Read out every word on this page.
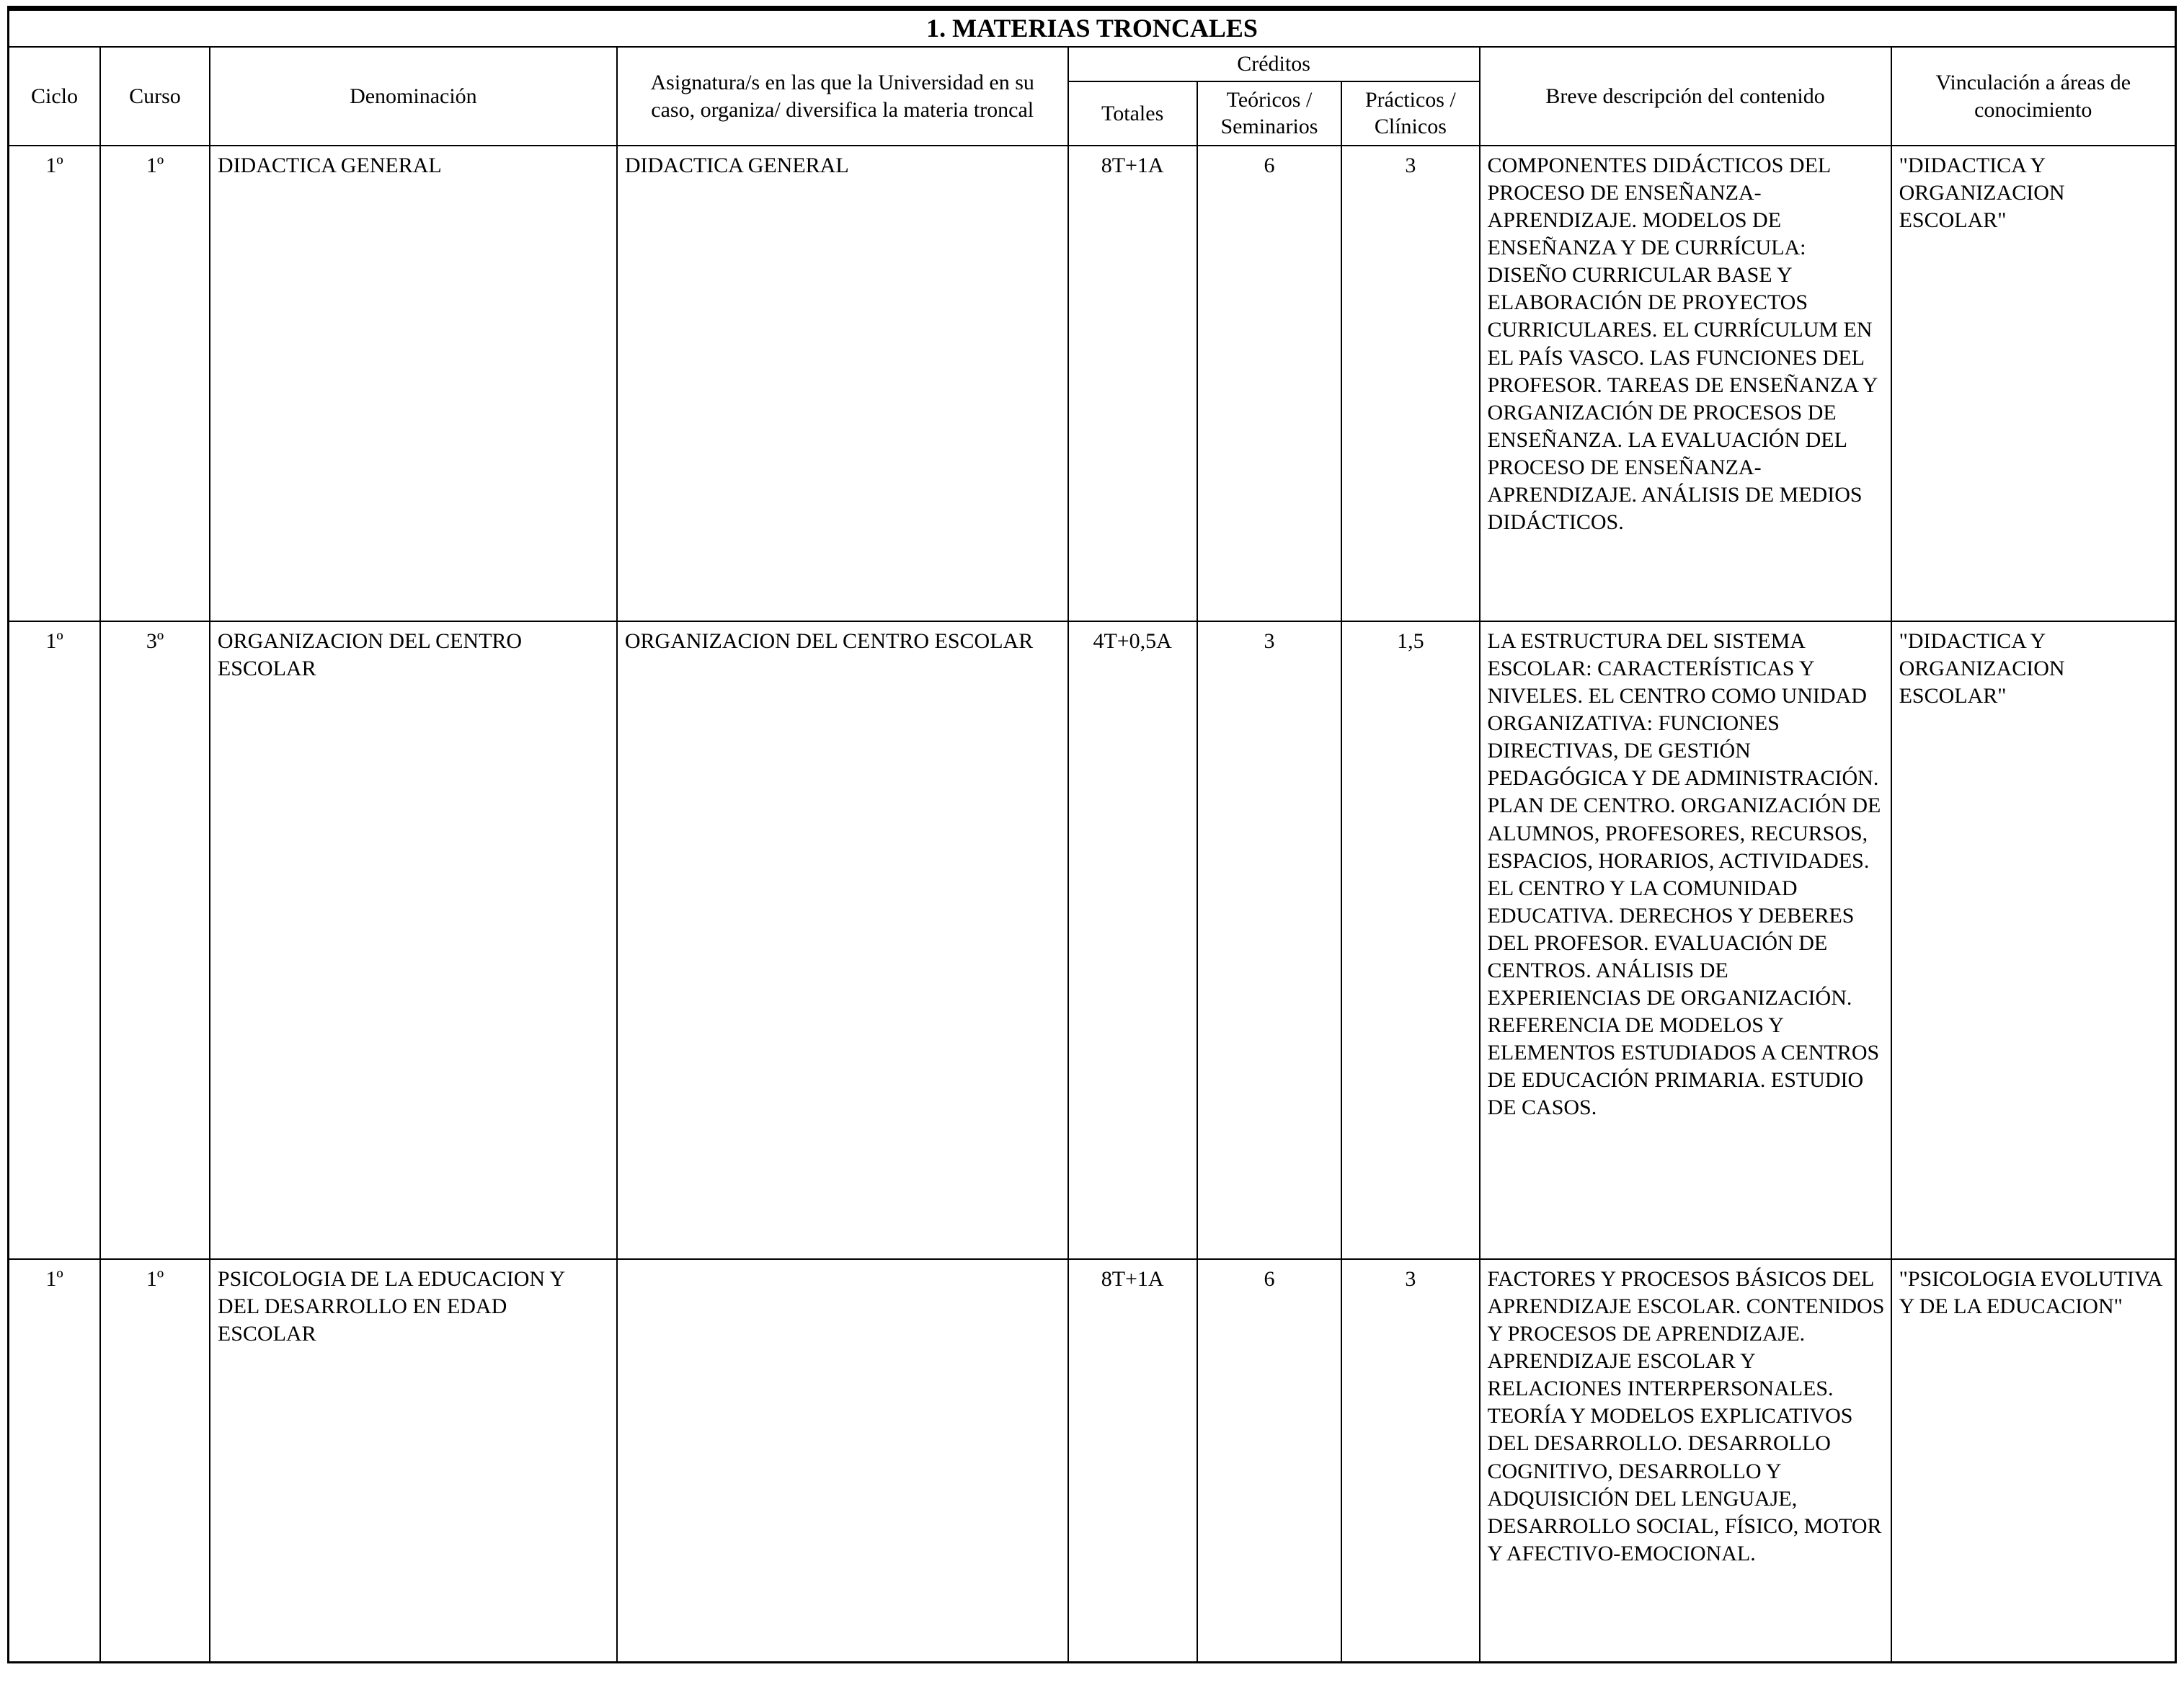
1. MATERIAS TRONCALES								
Ciclo	Curso	Denominación	Asignatura/s en las que la Universidad en su caso, organiza/ diversifica la materia troncal	Créditos			Breve descripción del contenido	Vinculación a áreas de conocimiento
				Totales	Teóricos / Seminarios	Prácticos / Clínicos		
1º	1º	DIDACTICA GENERAL	DIDACTICA GENERAL	8T+1A	6	3	COMPONENTES DIDÁCTICOS DEL PROCESO DE ENSEÑANZA-APRENDIZAJE. MODELOS DE ENSEÑANZA Y DE CURRÍCULA: DISEÑO CURRICULAR BASE Y ELABORACIÓN DE PROYECTOS CURRICULARES. EL CURRÍCULUM EN EL PAÍS VASCO. LAS FUNCIONES DEL PROFESOR. TAREAS DE ENSEÑANZA Y ORGANIZACIÓN DE PROCESOS DE ENSEÑANZA. LA EVALUACIÓN DEL PROCESO DE ENSEÑANZA-APRENDIZAJE. ANÁLISIS DE MEDIOS DIDÁCTICOS.	"DIDACTICA Y ORGANIZACION ESCOLAR"
1º	3º	ORGANIZACION DEL CENTRO ESCOLAR	ORGANIZACION DEL CENTRO ESCOLAR	4T+0,5A	3	1,5	LA ESTRUCTURA DEL SISTEMA ESCOLAR: CARACTERÍSTICAS Y NIVELES. EL CENTRO COMO UNIDAD ORGANIZATIVA: FUNCIONES DIRECTIVAS, DE GESTIÓN PEDAGÓGICA Y DE ADMINISTRACIÓN. PLAN DE CENTRO. ORGANIZACIÓN DE ALUMNOS, PROFESORES, RECURSOS, ESPACIOS, HORARIOS, ACTIVIDADES. EL CENTRO Y LA COMUNIDAD EDUCATIVA. DERECHOS Y DEBERES DEL PROFESOR. EVALUACIÓN DE CENTROS. ANÁLISIS DE EXPERIENCIAS DE ORGANIZACIÓN. REFERENCIA DE MODELOS Y ELEMENTOS ESTUDIADOS A CENTROS DE EDUCACIÓN PRIMARIA. ESTUDIO DE CASOS.	"DIDACTICA Y ORGANIZACION ESCOLAR"
1º	1º	PSICOLOGIA DE LA EDUCACION Y DEL DESARROLLO EN EDAD ESCOLAR		8T+1A	6	3	FACTORES Y PROCESOS BÁSICOS DEL APRENDIZAJE ESCOLAR. CONTENIDOS Y PROCESOS DE APRENDIZAJE. APRENDIZAJE ESCOLAR Y RELACIONES INTERPERSONALES. TEORÍA Y MODELOS EXPLICATIVOS DEL DESARROLLO. DESARROLLO COGNITIVO, DESARROLLO Y ADQUISICIÓN DEL LENGUAJE, DESARROLLO SOCIAL, FÍSICO, MOTOR Y AFECTIVO-EMOCIONAL.	"PSICOLOGIA EVOLUTIVA Y DE LA EDUCACION"
